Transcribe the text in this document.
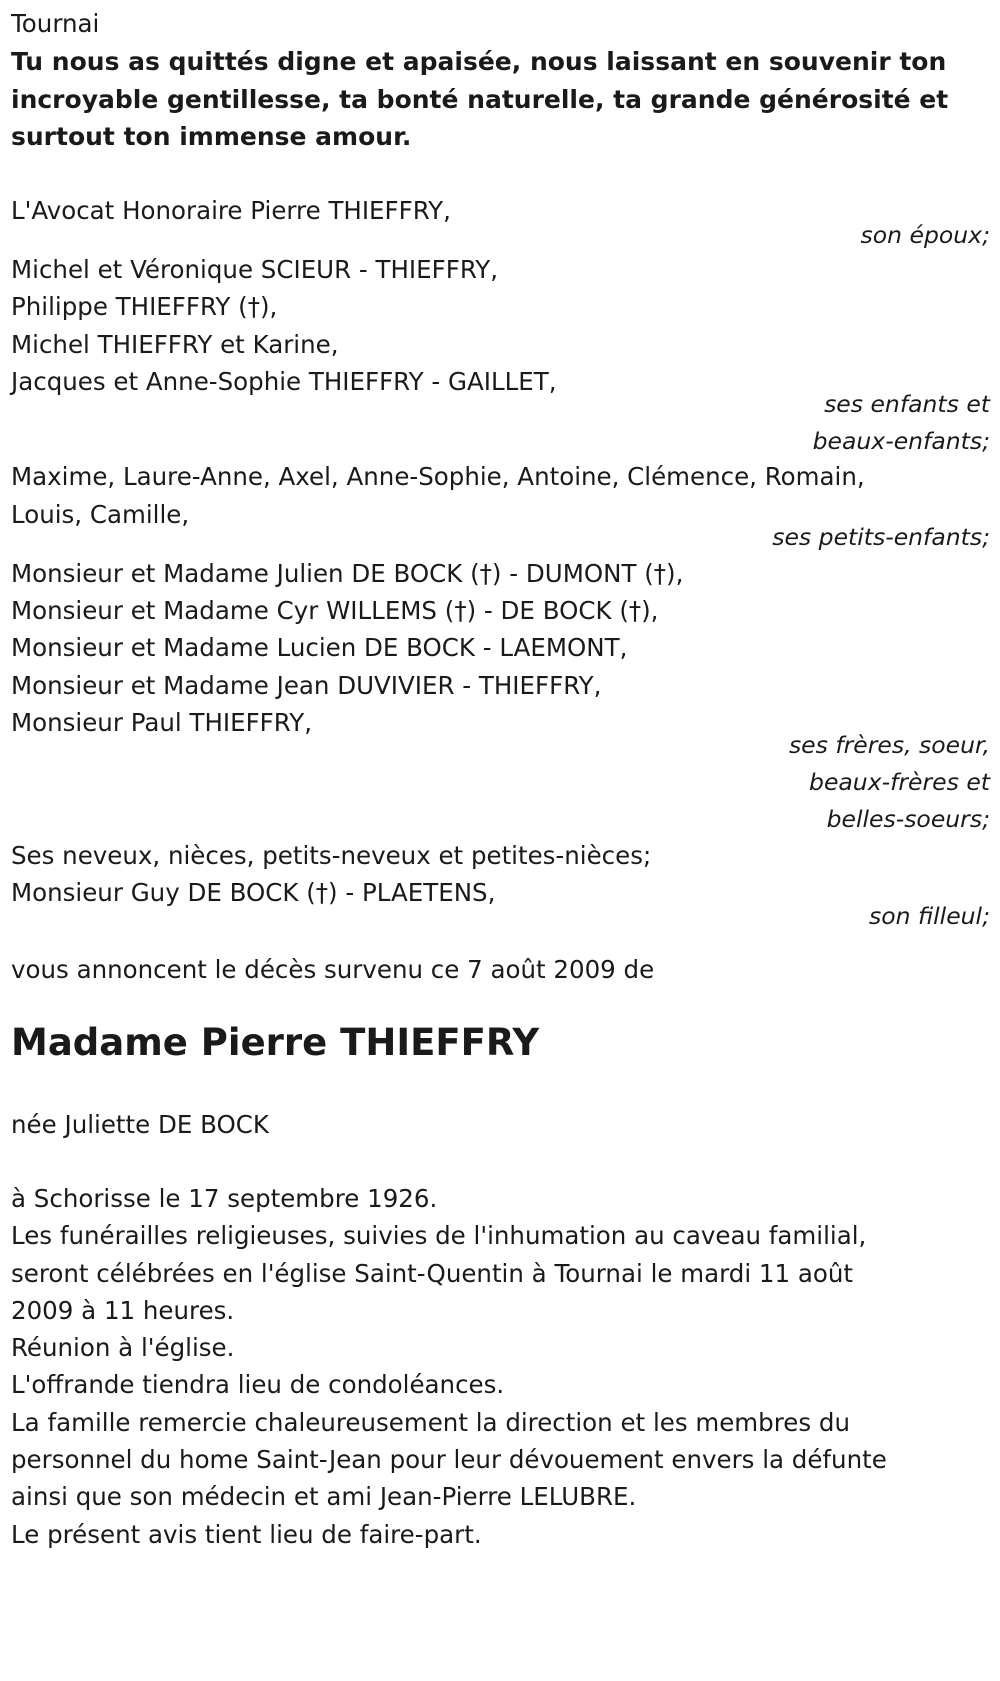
Tournai
Tu nous as quittés digne et apaisée, nous laissant en souvenir ton
incroyable gentillesse, ta bonté naturelle, ta grande générosité et
surtout ton immense amour.
L'Avocat Honoraire Pierre THIEFFRY,
son époux;
Michel et Véronique SCIEUR - THIEFFRY,
Philippe THIEFFRY (†),
Michel THIEFFRY et Karine,
Jacques et Anne-Sophie THIEFFRY - GAILLET,
ses enfants et
beaux-enfants;
Maxime, Laure-Anne, Axel, Anne-Sophie, Antoine, Clémence, Romain,
Louis, Camille,
ses petits-enfants;
Monsieur et Madame Julien DE BOCK (†) - DUMONT (†),
Monsieur et Madame Cyr WILLEMS (†) - DE BOCK (†),
Monsieur et Madame Lucien DE BOCK - LAEMONT,
Monsieur et Madame Jean DUVIVIER - THIEFFRY,
Monsieur Paul THIEFFRY,
ses frères, soeur,
beaux-frères et
belles-soeurs;
Ses neveux, nièces, petits-neveux et petites-nièces;
Monsieur Guy DE BOCK (†) - PLAETENS,
son filleul;
vous annoncent le décès survenu ce 7 août 2009 de
Madame Pierre THIEFFRY
née Juliette DE BOCK
à Schorisse le 17 septembre 1926.
Les funérailles religieuses, suivies de l'inhumation au caveau familial,
seront célébrées en l'église Saint-Quentin à Tournai le mardi 11 août
2009 à 11 heures.
Réunion à l'église.
L'offrande tiendra lieu de condoléances.
La famille remercie chaleureusement la direction et les membres du
personnel du home Saint-Jean pour leur dévouement envers la défunte
ainsi que son médecin et ami Jean-Pierre LELUBRE.
Le présent avis tient lieu de faire-part.
